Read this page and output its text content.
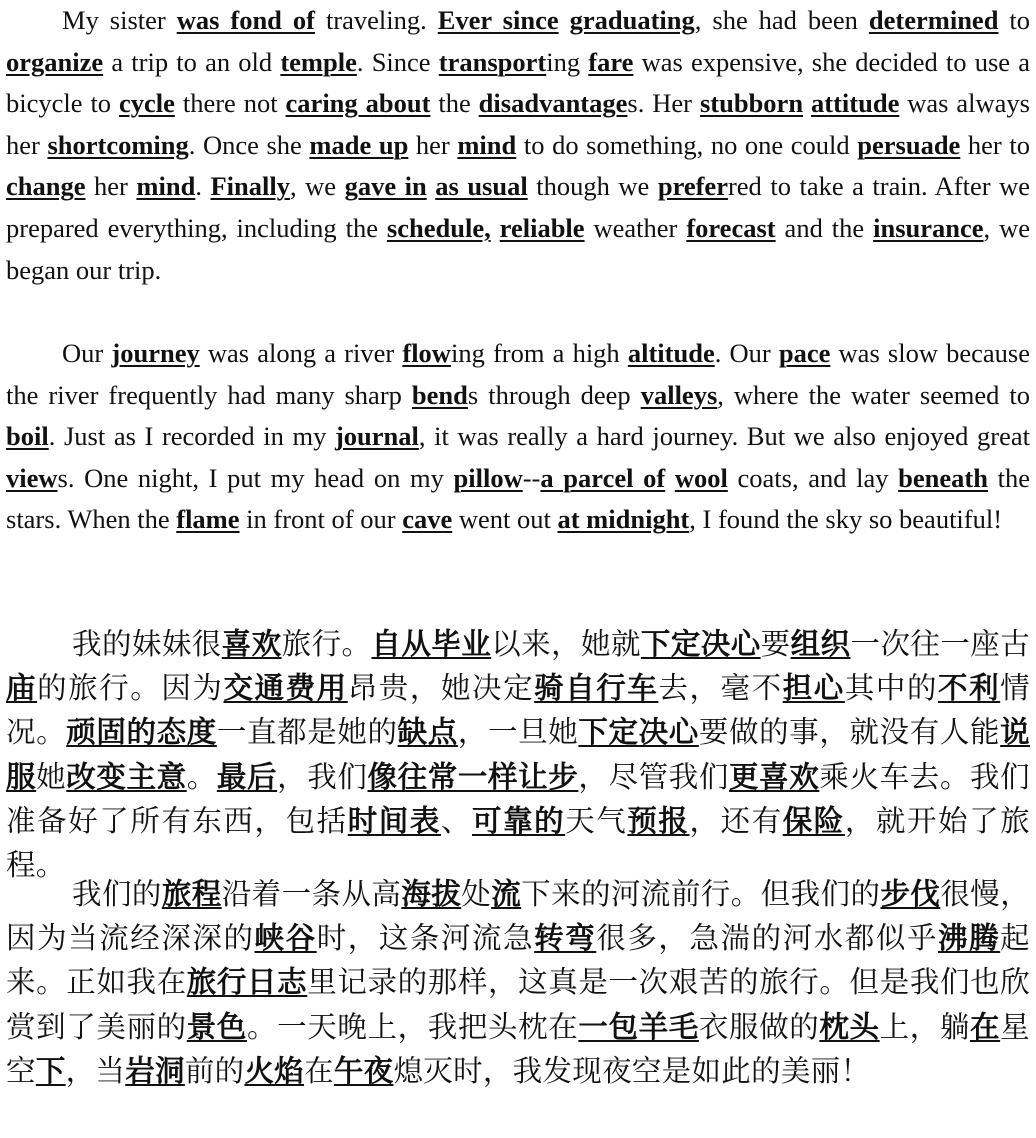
My sister was fond of traveling. Ever since graduating, she had been determined to organize a trip to an old temple. Since transporting fare was expensive, she decided to use a bicycle to cycle there not caring about the disadvantages. Her stubborn attitude was always her shortcoming. Once she made up her mind to do something, no one could persuade her to change her mind. Finally, we gave in as usual though we preferred to take a train. After we prepared everything, including the schedule, reliable weather forecast and the insurance, we began our trip.

Our journey was along a river flowing from a high altitude. Our pace was slow because the river frequently had many sharp bends through deep valleys, where the water seemed to boil. Just as I recorded in my journal, it was really a hard journey. But we also enjoyed great views. One night, I put my head on my pillow--a parcel of wool coats, and lay beneath the stars. When the flame in front of our cave went out at midnight, I found the sky so beautiful!

我的妹妹很喜欢旅行。自从毕业以来，她就下定决心要组织一次往一座古庙的旅行。因为交通费用昂贵，她决定骑自行车去，毫不担心其中的不利情况。顽固的态度一直都是她的缺点，一旦她下定决心要做的事，就没有人能说服她改变主意。最后，我们像往常一样让步，尽管我们更喜欢乘火车去。我们准备好了所有东西，包括时间表、可靠的天气预报，还有保险，就开始了旅程。

我们的旅程沿着一条从高海拔处流下来的河流前行。但我们的步伐很慢，因为当流经深深的峡谷时，这条河流急转弯很多，急湍的河水都似乎沸腾起来。正如我在旅行日志里记录的那样，这真是一次艰苦的旅行。但是我们也欣赏到了美丽的景色。一天晚上，我把头枕在一包羊毛衣服做的枕头上，躺在星空下，当岩洞前的火焰在午夜熄灭时，我发现夜空是如此的美丽！
